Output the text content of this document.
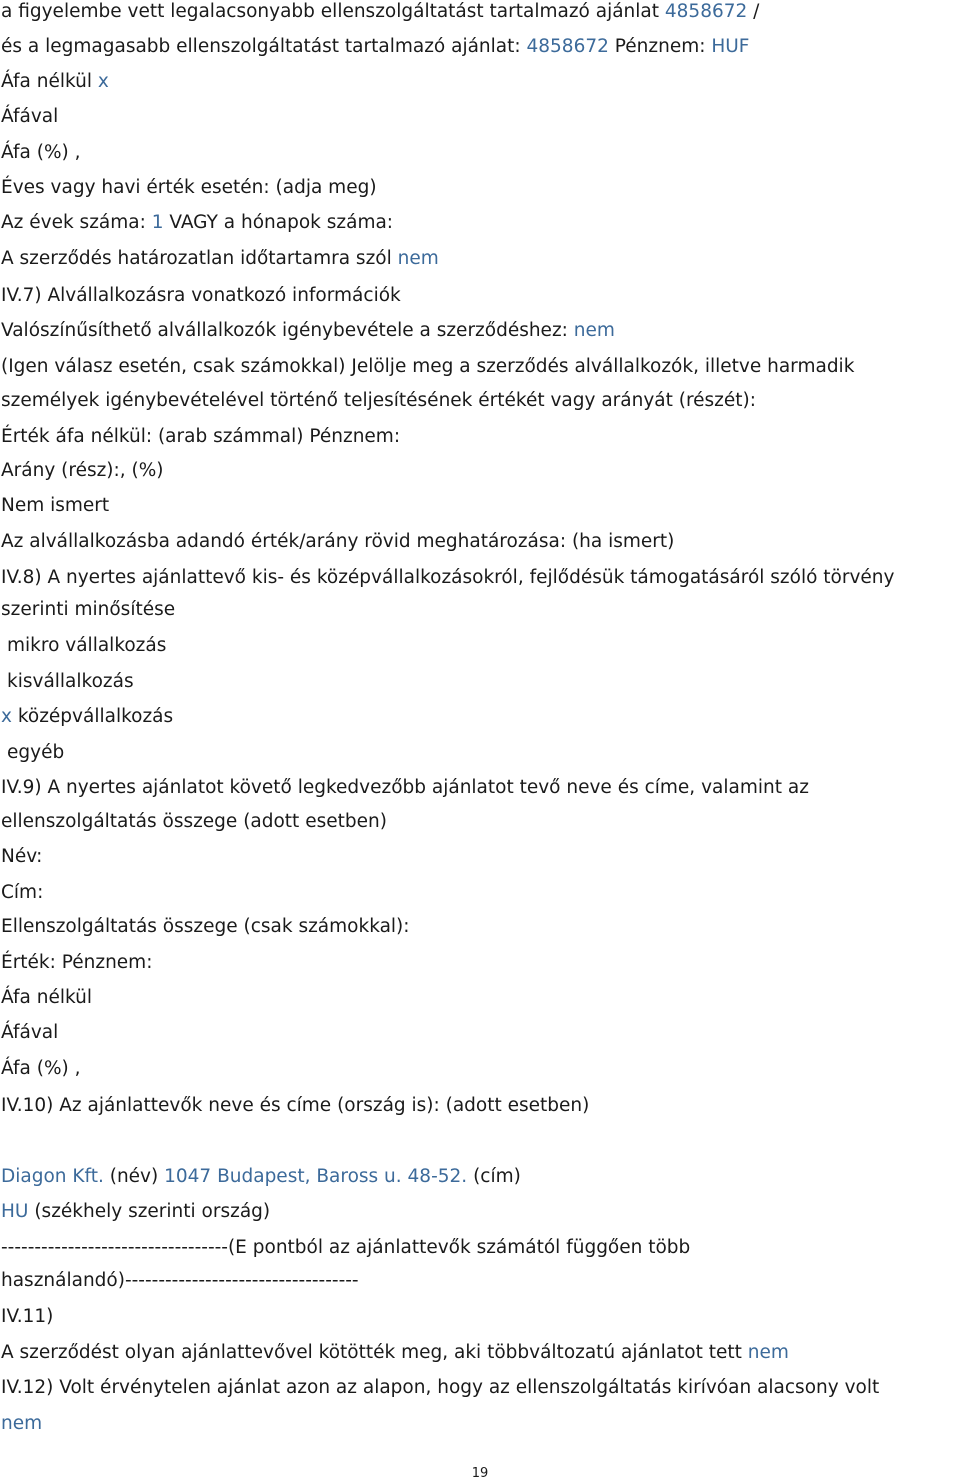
a figyelembe vett legalacsonyabb ellenszolgáltatást tartalmazó ajánlat 4858672 /
és a legmagasabb ellenszolgáltatást tartalmazó ajánlat: 4858672 Pénznem: HUF
Áfa nélkül x
Áfával
Áfa (%) ,
Éves vagy havi érték esetén: (adja meg)
Az évek száma: 1 VAGY a hónapok száma:
A szerződés határozatlan időtartamra szól nem
IV.7) Alvállalkozásra vonatkozó információk
Valószínűsíthető alvállalkozók igénybevétele a szerződéshez: nem
(Igen válasz esetén, csak számokkal) Jelölje meg a szerződés alvállalkozók, illetve harmadik
személyek igénybevételével történő teljesítésének értékét vagy arányát (részét):
Érték áfa nélkül: (arab számmal) Pénznem:
Arány (rész):, (%)
Nem ismert
Az alvállalkozásba adandó érték/arány rövid meghatározása: (ha ismert)
IV.8) A nyertes ajánlattevő kis- és középvállalkozásokról, fejlődésük támogatásáról szóló törvény
szerinti minősítése
mikro vállalkozás
kisvállalkozás
x középvállalkozás
egyéb
IV.9) A nyertes ajánlatot követő legkedvezőbb ajánlatot tevő neve és címe, valamint az
ellenszolgáltatás összege (adott esetben)
Név:
Cím:
Ellenszolgáltatás összege (csak számokkal):
Érték: Pénznem:
Áfa nélkül
Áfával
Áfa (%) ,
IV.10) Az ajánlattevők neve és címe (ország is): (adott esetben)
Diagon Kft. (név) 1047 Budapest, Baross u. 48-52. (cím)
HU (székhely szerinti ország)
----------------------------------(E pontból az ajánlattevők számától függően több
használandó)-----------------------------------
IV.11)
A szerződést olyan ajánlattevővel kötötték meg, aki többváltozatú ajánlatot tett nem
IV.12) Volt érvénytelen ajánlat azon az alapon, hogy az ellenszolgáltatás kirívóan alacsony volt
nem
19
